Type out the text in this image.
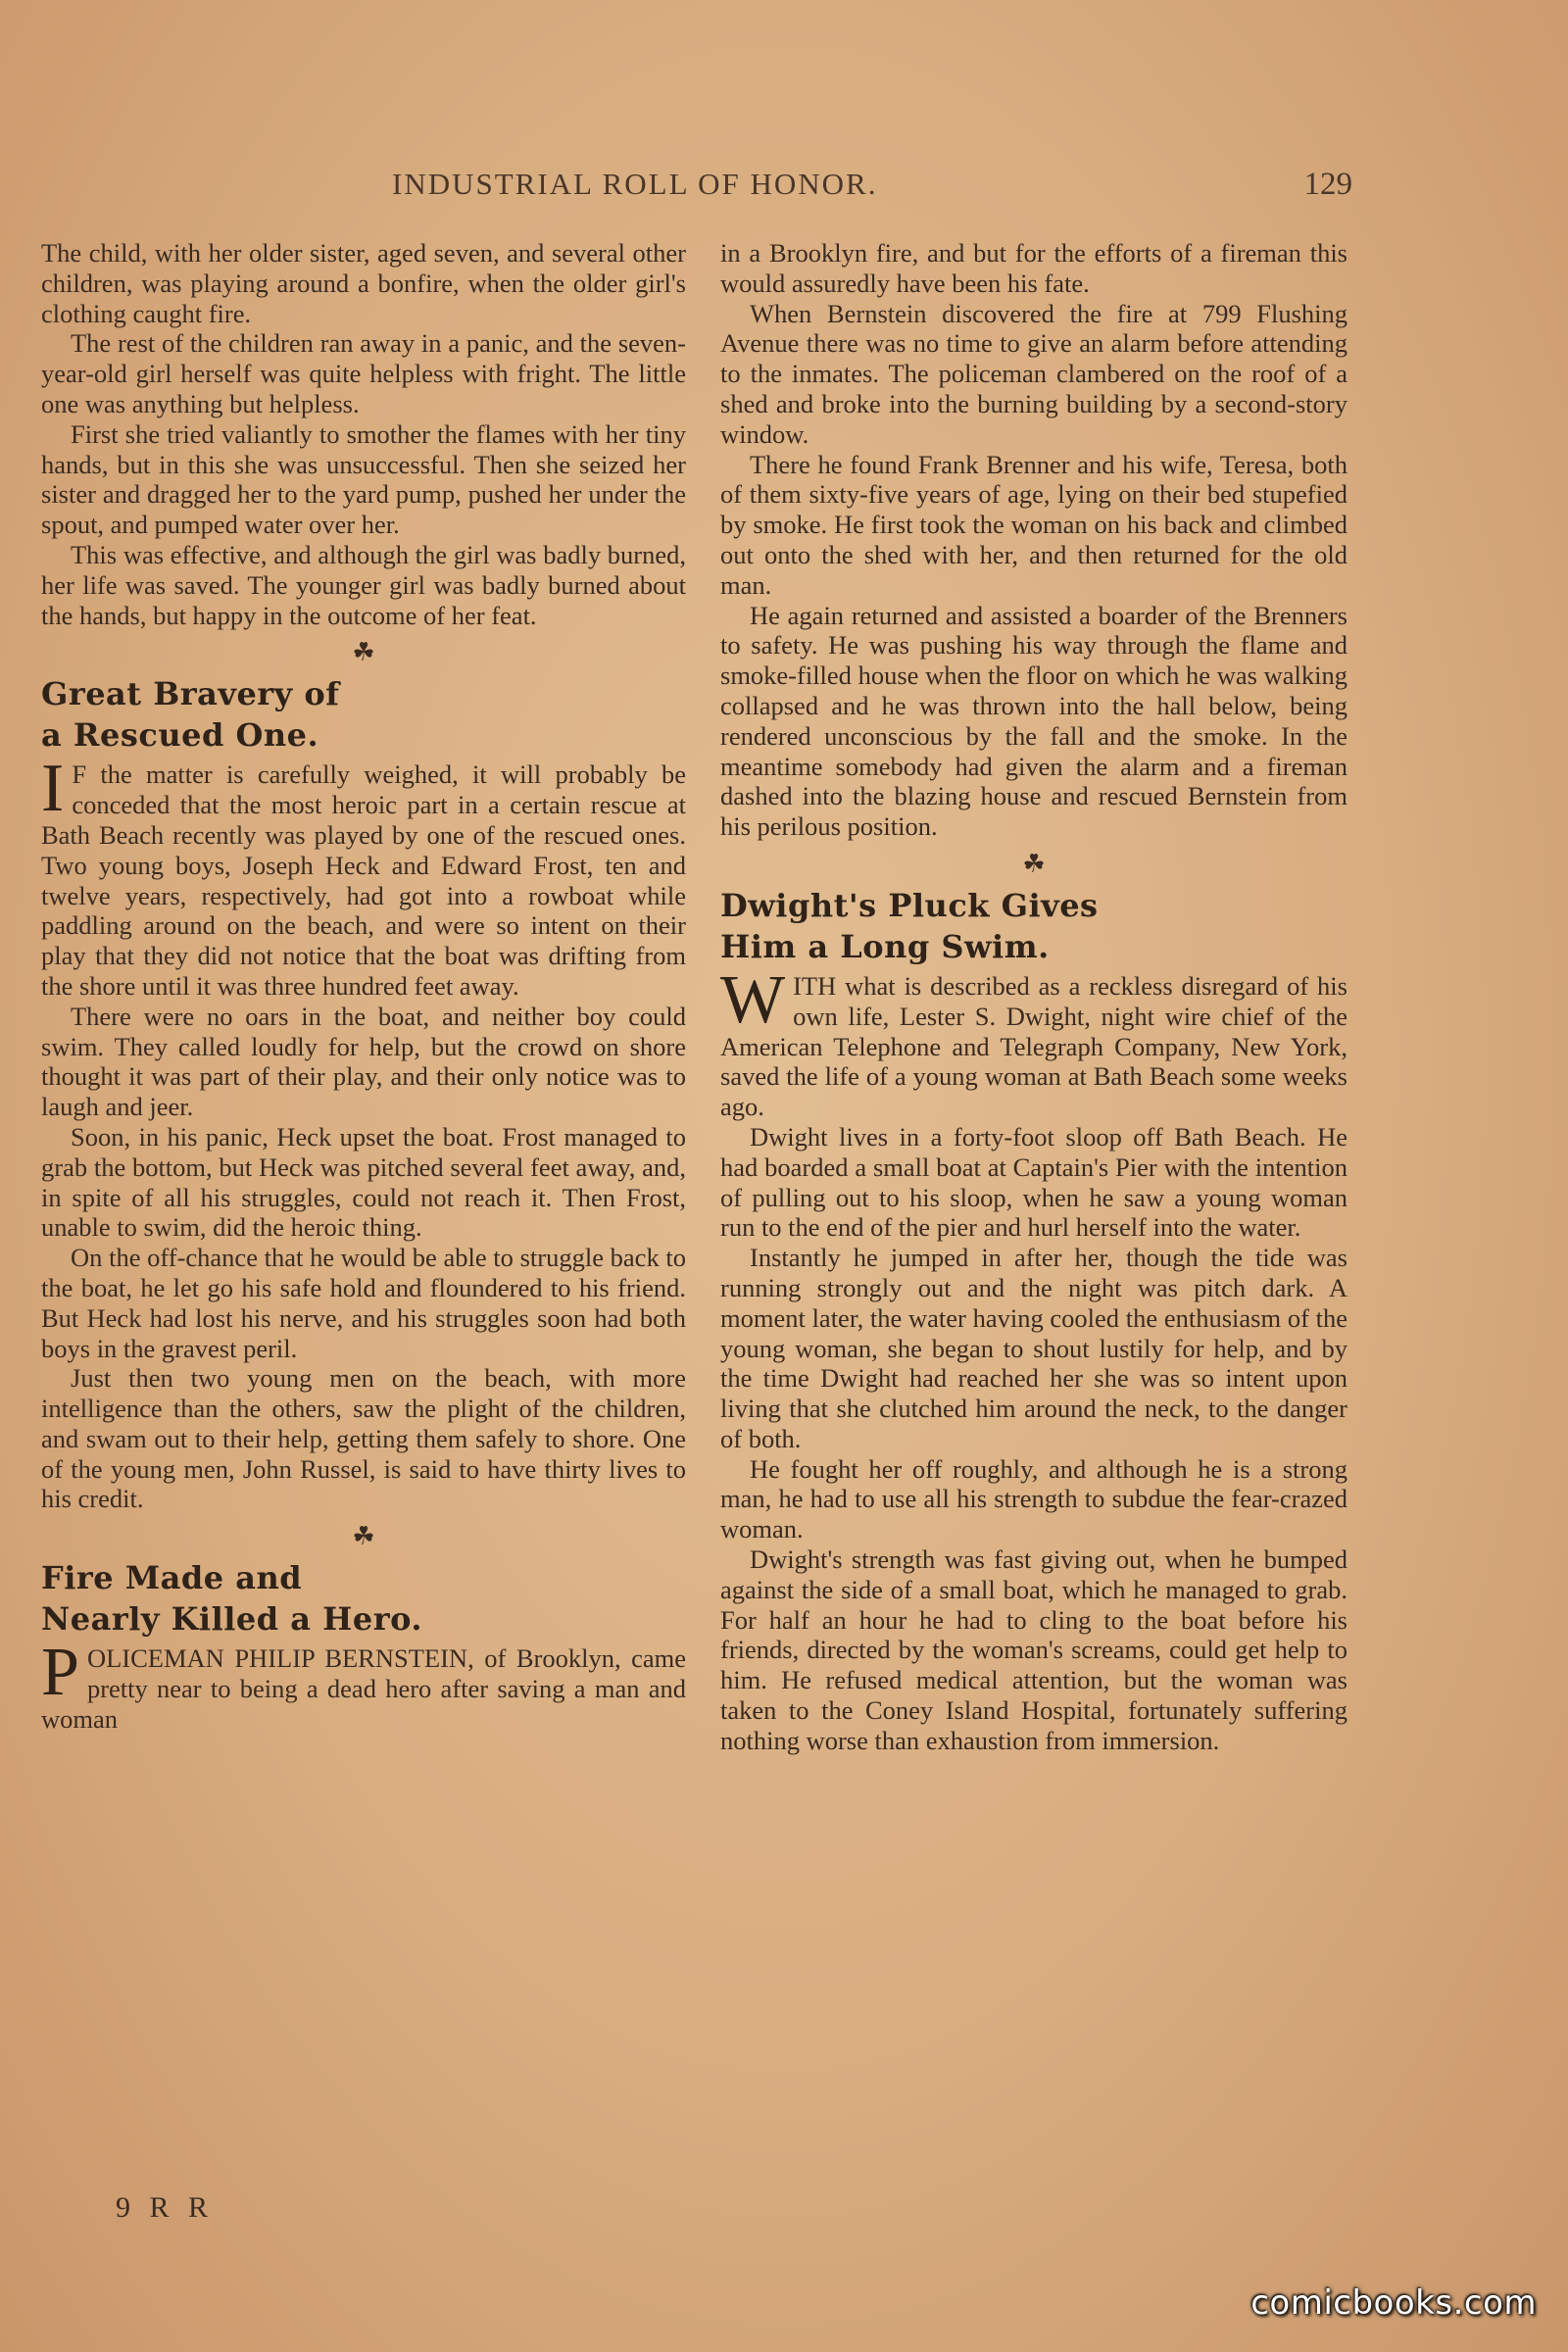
INDUSTRIAL ROLL OF HONOR.	129

The child, with her older sister, aged seven, and several other children, was playing around a bonfire, when the older girl's clothing caught fire.

The rest of the children ran away in a panic, and the seven-year-old girl herself was quite helpless with fright. The little one was anything but helpless.

First she tried valiantly to smother the flames with her tiny hands, but in this she was unsuccessful. Then she seized her sister and dragged her to the yard pump, pushed her under the spout, and pumped water over her.

This was effective, and although the girl was badly burned, her life was saved. The younger girl was badly burned about the hands, but happy in the outcome of her feat.

☘
Great Bravery of
a Rescued One.

I F the matter is carefully weighed, it will probably be conceded that the most heroic part in a certain rescue at Bath Beach recently was played by one of the rescued ones. Two young boys, Joseph Heck and Edward Frost, ten and twelve years, respectively, had got into a rowboat while paddling around on the beach, and were so intent on their play that they did not notice that the boat was drifting from the shore until it was three hundred feet away.

There were no oars in the boat, and neither boy could swim. They called loudly for help, but the crowd on shore thought it was part of their play, and their only notice was to laugh and jeer.

Soon, in his panic, Heck upset the boat. Frost managed to grab the bottom, but Heck was pitched several feet away, and, in spite of all his struggles, could not reach it. Then Frost, unable to swim, did the heroic thing.

On the off-chance that he would be able to struggle back to the boat, he let go his safe hold and floundered to his friend. But Heck had lost his nerve, and his struggles soon had both boys in the gravest peril.

Just then two young men on the beach, with more intelligence than the others, saw the plight of the children, and swam out to their help, getting them safely to shore. One of the young men, John Russel, is said to have thirty lives to his credit.

☘
Fire Made and
Nearly Killed a Hero.

POLICEMAN PHILIP BERNSTEIN, of Brooklyn, came pretty near to being a dead hero after saving a man and woman

9 R R

in a Brooklyn fire, and but for the efforts of a fireman this would assuredly have been his fate.

When Bernstein discovered the fire at 799 Flushing Avenue there was no time to give an alarm before attending to the inmates. The policeman clambered on the roof of a shed and broke into the burning building by a second-story window.

There he found Frank Brenner and his wife, Teresa, both of them sixty-five years of age, lying on their bed stupefied by smoke. He first took the woman on his back and climbed out onto the shed with her, and then returned for the old man.

He again returned and assisted a boarder of the Brenners to safety. He was pushing his way through the flame and smoke-filled house when the floor on which he was walking collapsed and he was thrown into the hall below, being rendered unconscious by the fall and the smoke. In the meantime somebody had given the alarm and a fireman dashed into the blazing house and rescued Bernstein from his perilous position.

☘
Dwight's Pluck Gives
Him a Long Swim.

WITH what is described as a reckless disregard of his own life, Lester S. Dwight, night wire chief of the American Telephone and Telegraph Company, New York, saved the life of a young woman at Bath Beach some weeks ago.

Dwight lives in a forty-foot sloop off Bath Beach. He had boarded a small boat at Captain's Pier with the intention of pulling out to his sloop, when he saw a young woman run to the end of the pier and hurl herself into the water.

Instantly he jumped in after her, though the tide was running strongly out and the night was pitch dark. A moment later, the water having cooled the enthusiasm of the young woman, she began to shout lustily for help, and by the time Dwight had reached her she was so intent upon living that she clutched him around the neck, to the danger of both.

He fought her off roughly, and although he is a strong man, he had to use all his strength to subdue the fear-crazed woman.

Dwight's strength was fast giving out, when he bumped against the side of a small boat, which he managed to grab. For half an hour he had to cling to the boat before his friends, directed by the woman's screams, could get help to him. He refused medical attention, but the woman was taken to the Coney Island Hospital, fortunately suffering nothing worse than exhaustion from immersion.

comicbooks.com
